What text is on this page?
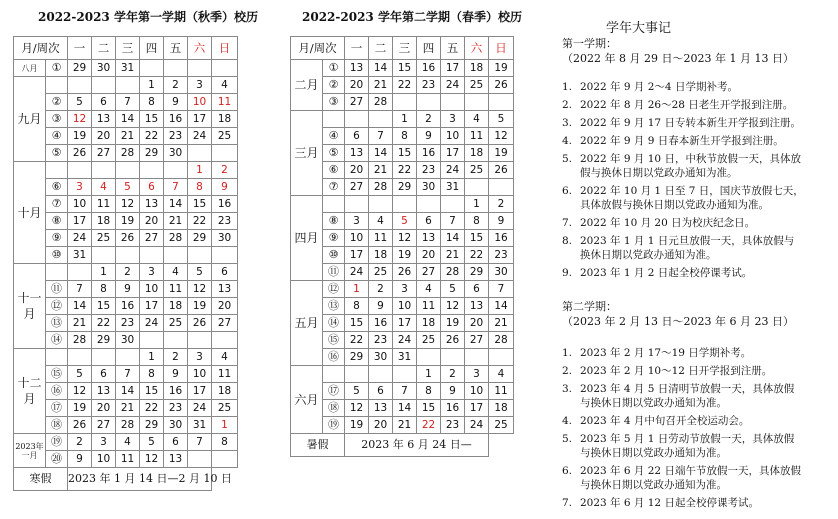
2022-2023 学年第一学期（秋季）校历
月/周次		一	二	三	四	五	六	日
八月	①	29	30	31				
九月					1	2	3	4
	②	5	6	7	8	9	10	11
	③	12	13	14	15	16	17	18
	④	19	20	21	22	23	24	25
	⑤	26	27	28	29	30		
十月							1	2
	⑥	3	4	5	6	7	8	9
	⑦	10	11	12	13	14	15	16
	⑧	17	18	19	20	21	22	23
	⑨	24	25	26	27	28	29	30
	⑩	31						
十一月			1	2	3	4	5	6
	⑪	7	8	9	10	11	12	13
	⑫	14	15	16	17	18	19	20
	⑬	21	22	23	24	25	26	27
	⑭	28	29	30				
十二月					1	2	3	4
	⑮	5	6	7	8	9	10	11
	⑯	12	13	14	15	16	17	18
	⑰	19	20	21	22	23	24	25
	⑱	26	27	28	29	30	31	1
2023年一月	⑲	2	3	4	5	6	7	8
	⑳	9	10	11	12	13		
寒假		2023 年 1 月 14 日—2 月 10 日						
2022-2023 学年第二学期（春季）校历
月/周次		一	二	三	四	五	六	日
二月	①	13	14	15	16	17	18	19
	②	20	21	22	23	24	25	26
	③	27	28					
三月				1	2	3	4	5
	④	6	7	8	9	10	11	12
	⑤	13	14	15	16	17	18	19
	⑥	20	21	22	23	24	25	26
	⑦	27	28	29	30	31		
四月							1	2
	⑧	3	4	5	6	7	8	9
	⑨	10	11	12	13	14	15	16
	⑩	17	18	19	20	21	22	23
	⑪	24	25	26	27	28	29	30
五月	⑫	1	2	3	4	5	6	7
	⑬	8	9	10	11	12	13	14
	⑭	15	16	17	18	19	20	21
	⑮	22	23	24	25	26	27	28
	⑯	29	30	31				
六月					1	2	3	4
	⑰	5	6	7	8	9	10	11
	⑱	12	13	14	15	16	17	18
	⑲	19	20	21	22	23	24	25
暑假		2023 年 6 月 24 日—						
学年大事记
第一学期：
（2022 年 8 月 29 日～2023 年 1 月 13 日）
1. 2022 年 9 月 2～4 日学期补考。
2. 2022 年 8 月 26～28 日老生开学报到注册。
3. 2022 年 9 月 17 日专转本新生开学报到注册。
4. 2022 年 9 月 9 日春本新生开学报到注册。
5. 2022 年 9 月 10 日，中秋节放假一天，具体放
假与换休日期以党政办通知为准。
6. 2022 年 10 月 1 日至 7 日，国庆节放假七天，
具体放假与换休日期以党政办通知为准。
7. 2022 年 10 月 20 日为校庆纪念日。
8. 2023 年 1 月 1 日元旦放假一天，具体放假与
换休日期以党政办通知为准。
9. 2023 年 1 月 2 日起全校停课考试。
第二学期：
（2023 年 2 月 13 日～2023 年 6 月 23 日）
1. 2023 年 2 月 17～19 日学期补考。
2. 2023 年 2 月 10～12 日开学报到注册。
3. 2023 年 4 月 5 日清明节放假一天，具体放假
与换休日期以党政办通知为准。
4. 2023 年 4 月中旬召开全校运动会。
5. 2023 年 5 月 1 日劳动节放假一天，具体放假
与换休日期以党政办通知为准。
6. 2023 年 6 月 22 日端午节放假一天，具体放假
与换休日期以党政办通知为准。
7. 2023 年 6 月 12 日起全校停课考试。
